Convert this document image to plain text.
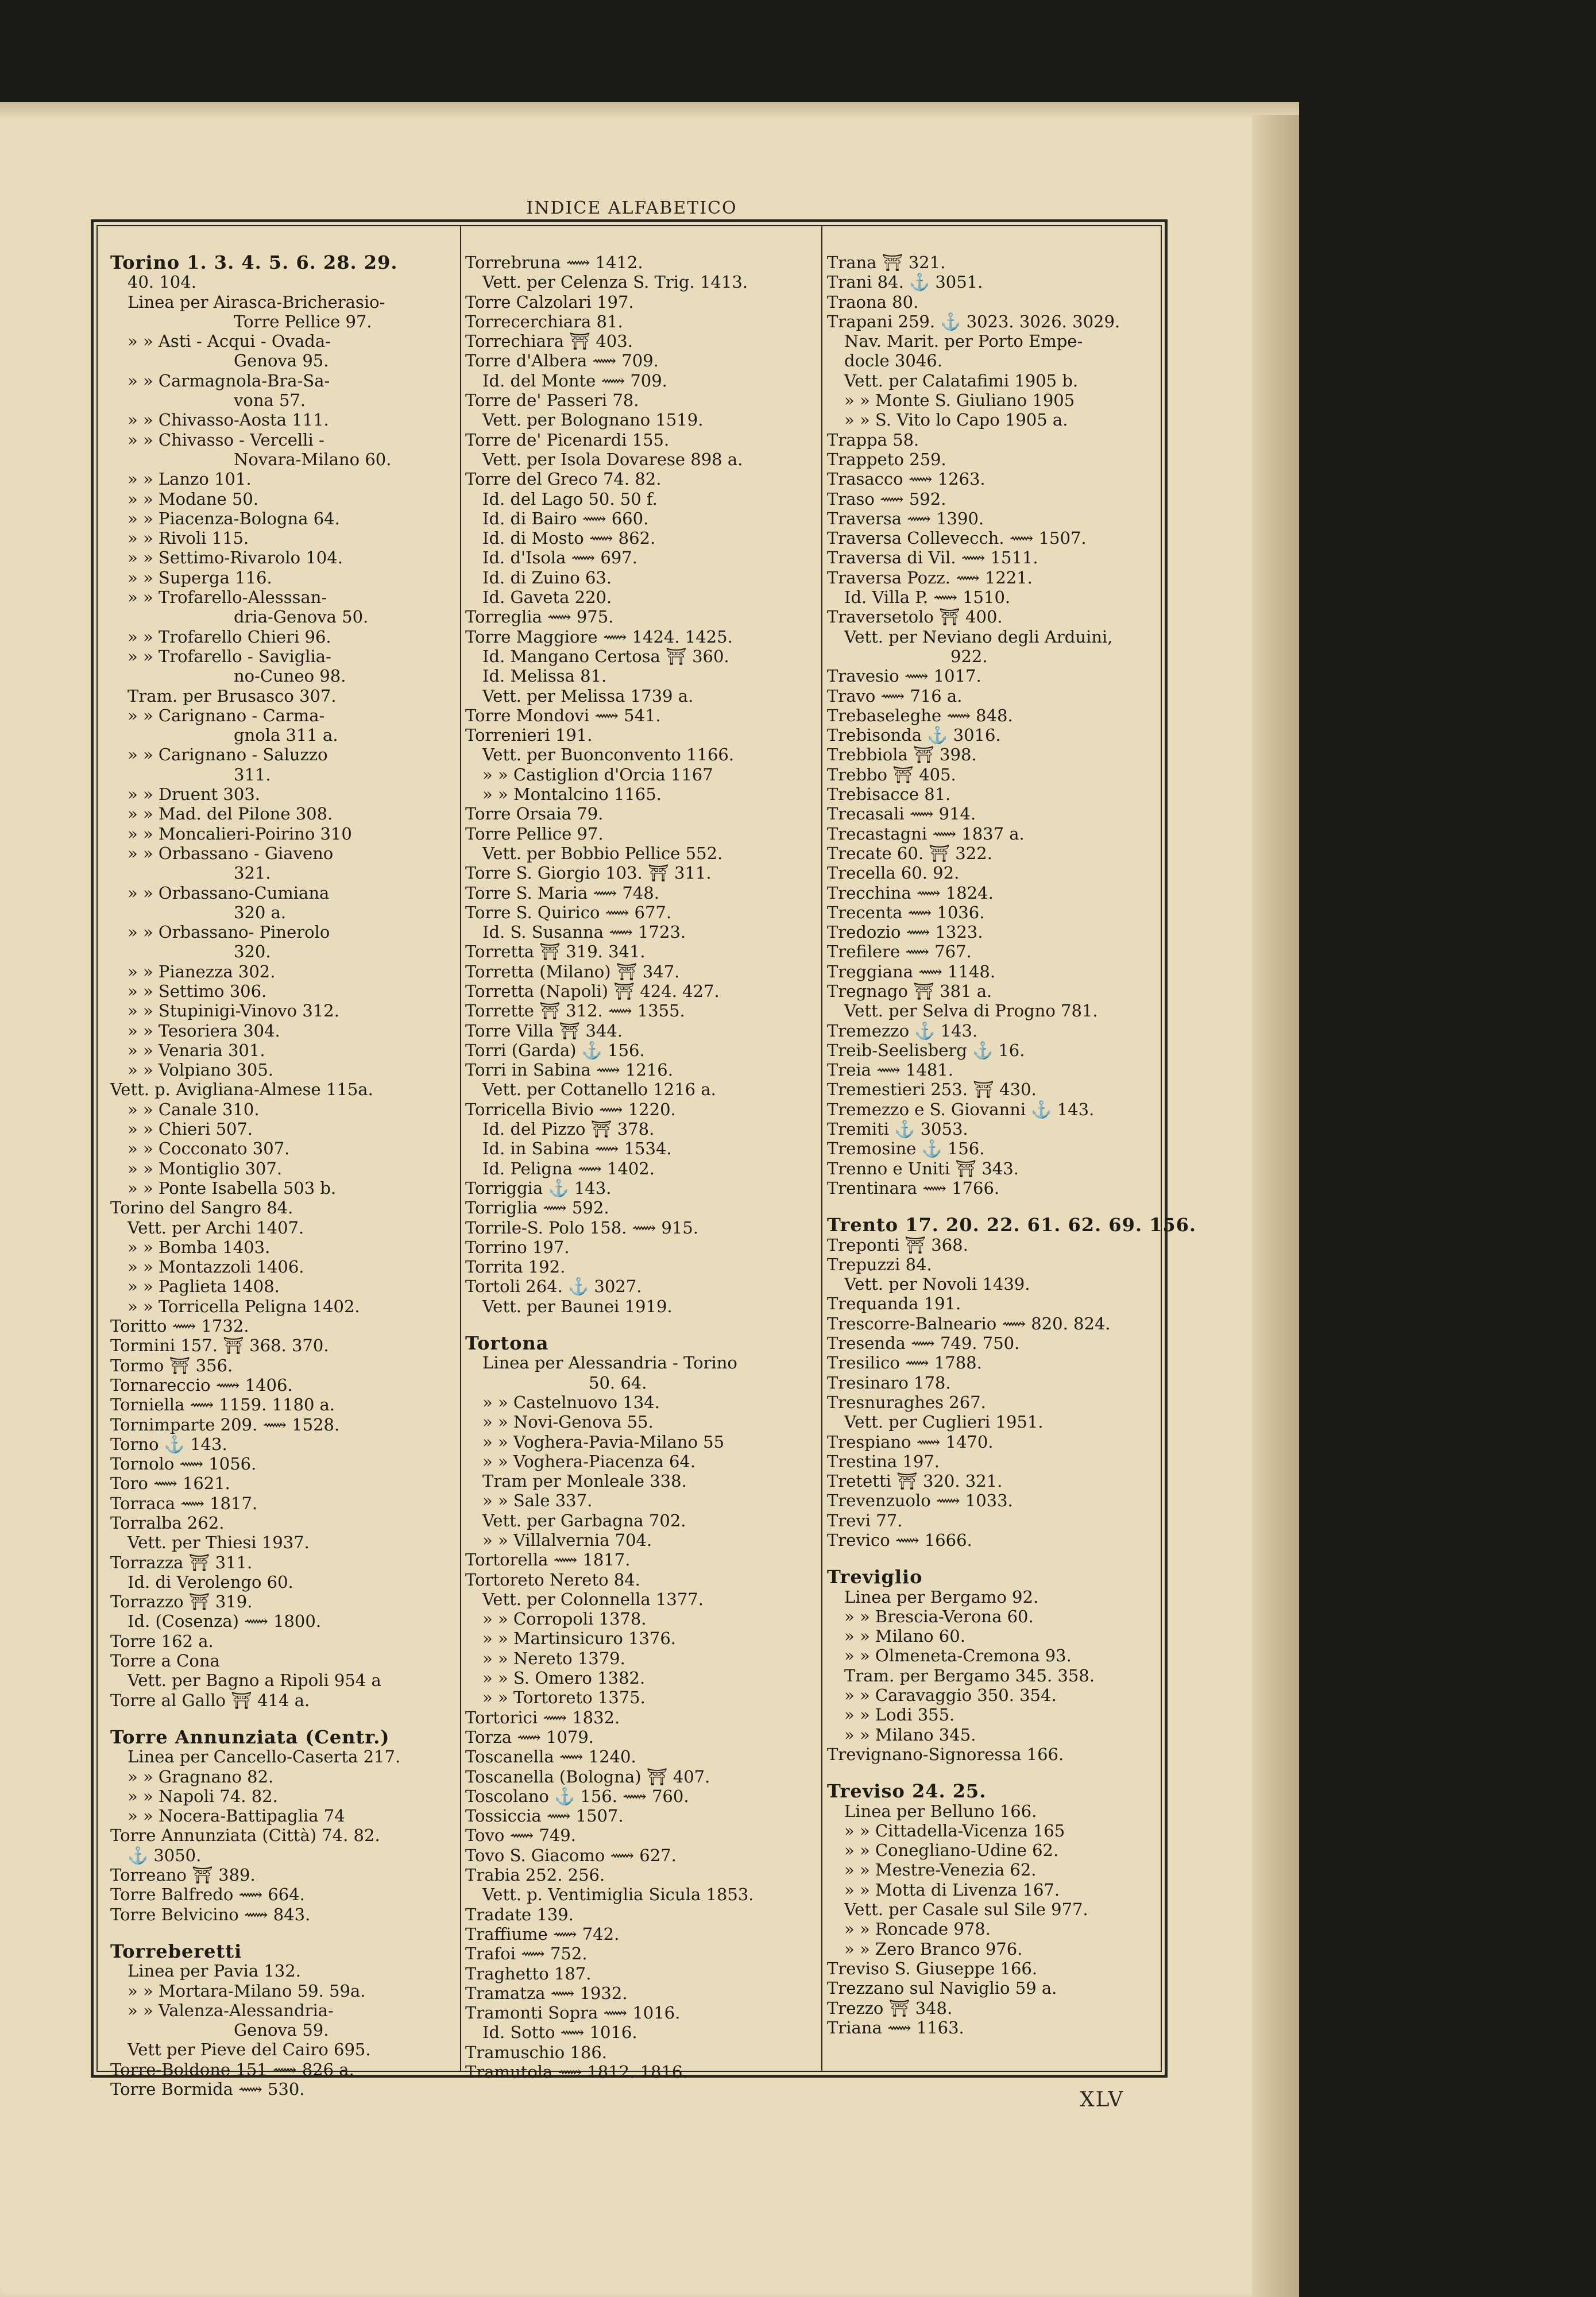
INDICE ALFABETICO
Torino 1. 3. 4. 5. 6. 28. 29.
40. 104.
Linea per Airasca-Bricherasio-
Torre Pellice 97.
» » Asti - Acqui - Ovada-
Genova 95.
» » Carmagnola-Bra-Sa-
vona 57.
» » Chivasso-Aosta 111.
» » Chivasso - Vercelli -
Novara-Milano 60.
» » Lanzo 101.
» » Modane 50.
» » Piacenza-Bologna 64.
» » Rivoli 115.
» » Settimo-Rivarolo 104.
» » Superga 116.
» » Trofarello-Alesssan-
dria-Genova 50.
» » Trofarello Chieri 96.
» » Trofarello - Saviglia-
no-Cuneo 98.
Tram. per Brusasco 307.
» » Carignano - Carma-
gnola 311 a.
» » Carignano - Saluzzo
311.
» » Druent 303.
» » Mad. del Pilone 308.
» » Moncalieri-Poirino 310
» » Orbassano - Giaveno
321.
» » Orbassano-Cumiana
320 a.
» » Orbassano- Pinerolo
320.
» » Pianezza 302.
» » Settimo 306.
» » Stupinigi-Vinovo 312.
» » Tesoriera 304.
» » Venaria 301.
» » Volpiano 305.
Vett. p. Avigliana-Almese 115a.
» » Canale 310.
» » Chieri 507.
» » Cocconato 307.
» » Montiglio 307.
» » Ponte Isabella 503 b.
Torino del Sangro 84.
Vett. per Archi 1407.
» » Bomba 1403.
» » Montazzoli 1406.
» » Paglieta 1408.
» » Torricella Peligna 1402.
Toritto ⟿ 1732.
Tormini 157. ⛩ 368. 370.
Tormo ⛩ 356.
Tornareccio ⟿ 1406.
Torniella ⟿ 1159. 1180 a.
Tornimparte 209. ⟿ 1528.
Torno ⚓ 143.
Tornolo ⟿ 1056.
Toro ⟿ 1621.
Torraca ⟿ 1817.
Torralba 262.
Vett. per Thiesi 1937.
Torrazza ⛩ 311.
Id. di Verolengo 60.
Torrazzo ⛩ 319.
Id. (Cosenza) ⟿ 1800.
Torre 162 a.
Torre a Cona
Vett. per Bagno a Ripoli 954 a
Torre al Gallo ⛩ 414 a.
Torre Annunziata (Centr.)
Linea per Cancello-Caserta 217.
» » Gragnano 82.
» » Napoli 74. 82.
» » Nocera-Battipaglia 74
Torre Annunziata (Città) 74. 82.
⚓ 3050.
Torreano ⛩ 389.
Torre Balfredo ⟿ 664.
Torre Belvicino ⟿ 843.
Torreberetti
Linea per Pavia 132.
» » Mortara-Milano 59. 59a.
» » Valenza-Alessandria-
Genova 59.
Vett per Pieve del Cairo 695.
Torre-Boldone 151 ⟿ 826 a.
Torre Bormida ⟿ 530.
Torrebruna ⟿ 1412.
Vett. per Celenza S. Trig. 1413.
Torre Calzolari 197.
Torrecerchiara 81.
Torrechiara ⛩ 403.
Torre d'Albera ⟿ 709.
Id. del Monte ⟿ 709.
Torre de' Passeri 78.
Vett. per Bolognano 1519.
Torre de' Picenardi 155.
Vett. per Isola Dovarese 898 a.
Torre del Greco 74. 82.
Id. del Lago 50. 50 f.
Id. di Bairo ⟿ 660.
Id. di Mosto ⟿ 862.
Id. d'Isola ⟿ 697.
Id. di Zuino 63.
Id. Gaveta 220.
Torreglia ⟿ 975.
Torre Maggiore ⟿ 1424. 1425.
Id. Mangano Certosa ⛩ 360.
Id. Melissa 81.
Vett. per Melissa 1739 a.
Torre Mondovi ⟿ 541.
Torrenieri 191.
Vett. per Buonconvento 1166.
» » Castiglion d'Orcia 1167
» » Montalcino 1165.
Torre Orsaia 79.
Torre Pellice 97.
Vett. per Bobbio Pellice 552.
Torre S. Giorgio 103. ⛩ 311.
Torre S. Maria ⟿ 748.
Torre S. Quirico ⟿ 677.
Id. S. Susanna ⟿ 1723.
Torretta ⛩ 319. 341.
Torretta (Milano) ⛩ 347.
Torretta (Napoli) ⛩ 424. 427.
Torrette ⛩ 312. ⟿ 1355.
Torre Villa ⛩ 344.
Torri (Garda) ⚓ 156.
Torri in Sabina ⟿ 1216.
Vett. per Cottanello 1216 a.
Torricella Bivio ⟿ 1220.
Id. del Pizzo ⛩ 378.
Id. in Sabina ⟿ 1534.
Id. Peligna ⟿ 1402.
Torriggia ⚓ 143.
Torriglia ⟿ 592.
Torrile-S. Polo 158. ⟿ 915.
Torrino 197.
Torrita 192.
Tortoli 264. ⚓ 3027.
Vett. per Baunei 1919.
Tortona
Linea per Alessandria - Torino
50. 64.
» » Castelnuovo 134.
» » Novi-Genova 55.
» » Voghera-Pavia-Milano 55
» » Voghera-Piacenza 64.
Tram per Monleale 338.
» » Sale 337.
Vett. per Garbagna 702.
» » Villalvernia 704.
Tortorella ⟿ 1817.
Tortoreto Nereto 84.
Vett. per Colonnella 1377.
» » Corropoli 1378.
» » Martinsicuro 1376.
» » Nereto 1379.
» » S. Omero 1382.
» » Tortoreto 1375.
Tortorici ⟿ 1832.
Torza ⟿ 1079.
Toscanella ⟿ 1240.
Toscanella (Bologna) ⛩ 407.
Toscolano ⚓ 156. ⟿ 760.
Tossiccia ⟿ 1507.
Tovo ⟿ 749.
Tovo S. Giacomo ⟿ 627.
Trabia 252. 256.
Vett. p. Ventimiglia Sicula 1853.
Tradate 139.
Traffiume ⟿ 742.
Trafoi ⟿ 752.
Traghetto 187.
Tramatza ⟿ 1932.
Tramonti Sopra ⟿ 1016.
Id. Sotto ⟿ 1016.
Tramuschio 186.
Tramutola ⟿ 1812. 1816.
Trana ⛩ 321.
Trani 84. ⚓ 3051.
Traona 80.
Trapani 259. ⚓ 3023. 3026. 3029.
Nav. Marit. per Porto Empe-
docle 3046.
Vett. per Calatafimi 1905 b.
» » Monte S. Giuliano 1905
» » S. Vito lo Capo 1905 a.
Trappa 58.
Trappeto 259.
Trasacco ⟿ 1263.
Traso ⟿ 592.
Traversa ⟿ 1390.
Traversa Collevecch. ⟿ 1507.
Traversa di Vil. ⟿ 1511.
Traversa Pozz. ⟿ 1221.
Id. Villa P. ⟿ 1510.
Traversetolo ⛩ 400.
Vett. per Neviano degli Arduini,
922.
Travesio ⟿ 1017.
Travo ⟿ 716 a.
Trebaseleghe ⟿ 848.
Trebisonda ⚓ 3016.
Trebbiola ⛩ 398.
Trebbo ⛩ 405.
Trebisacce 81.
Trecasali ⟿ 914.
Trecastagni ⟿ 1837 a.
Trecate 60. ⛩ 322.
Trecella 60. 92.
Trecchina ⟿ 1824.
Trecenta ⟿ 1036.
Tredozio ⟿ 1323.
Trefilere ⟿ 767.
Treggiana ⟿ 1148.
Tregnago ⛩ 381 a.
Vett. per Selva di Progno 781.
Tremezzo ⚓ 143.
Treib-Seelisberg ⚓ 16.
Treia ⟿ 1481.
Tremestieri 253. ⛩ 430.
Tremezzo e S. Giovanni ⚓ 143.
Tremiti ⚓ 3053.
Tremosine ⚓ 156.
Trenno e Uniti ⛩ 343.
Trentinara ⟿ 1766.
Trento 17. 20. 22. 61. 62. 69. 156.
Treponti ⛩ 368.
Trepuzzi 84.
Vett. per Novoli 1439.
Trequanda 191.
Trescorre-Balneario ⟿ 820. 824.
Tresenda ⟿ 749. 750.
Tresilico ⟿ 1788.
Tresinaro 178.
Tresnuraghes 267.
Vett. per Cuglieri 1951.
Trespiano ⟿ 1470.
Trestina 197.
Tretetti ⛩ 320. 321.
Trevenzuolo ⟿ 1033.
Trevi 77.
Trevico ⟿ 1666.
Treviglio
Linea per Bergamo 92.
» » Brescia-Verona 60.
» » Milano 60.
» » Olmeneta-Cremona 93.
Tram. per Bergamo 345. 358.
» » Caravaggio 350. 354.
» » Lodi 355.
» » Milano 345.
Trevignano-Signoressa 166.
Treviso 24. 25.
Linea per Belluno 166.
» » Cittadella-Vicenza 165
» » Conegliano-Udine 62.
» » Mestre-Venezia 62.
» » Motta di Livenza 167.
Vett. per Casale sul Sile 977.
» » Roncade 978.
» » Zero Branco 976.
Treviso S. Giuseppe 166.
Trezzano sul Naviglio 59 a.
Trezzo ⛩ 348.
Triana ⟿ 1163.
XLV
